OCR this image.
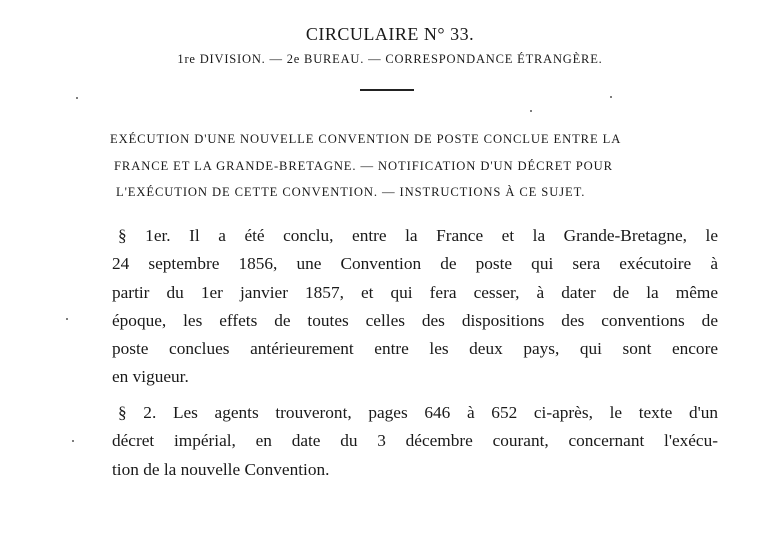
CIRCULAIRE N° 33.
1re DIVISION. — 2e BUREAU. — CORRESPONDANCE ÉTRANGÈRE.
EXÉCUTION D'UNE NOUVELLE CONVENTION DE POSTE CONCLUE ENTRE LA
FRANCE ET LA GRANDE-BRETAGNE. — NOTIFICATION D'UN DÉCRET POUR
L'EXÉCUTION DE CETTE CONVENTION. — INSTRUCTIONS À CE SUJET.
§ 1er. Il a été conclu, entre la France et la Grande-Bretagne, le
24 septembre 1856, une Convention de poste qui sera exécutoire à
partir du 1er janvier 1857, et qui fera cesser, à dater de la même
époque, les effets de toutes celles des dispositions des conventions de
poste conclues antérieurement entre les deux pays, qui sont encore
en vigueur.
§ 2. Les agents trouveront, pages 646 à 652 ci-après, le texte d'un
décret impérial, en date du 3 décembre courant, concernant l'exécu-
tion de la nouvelle Convention.
